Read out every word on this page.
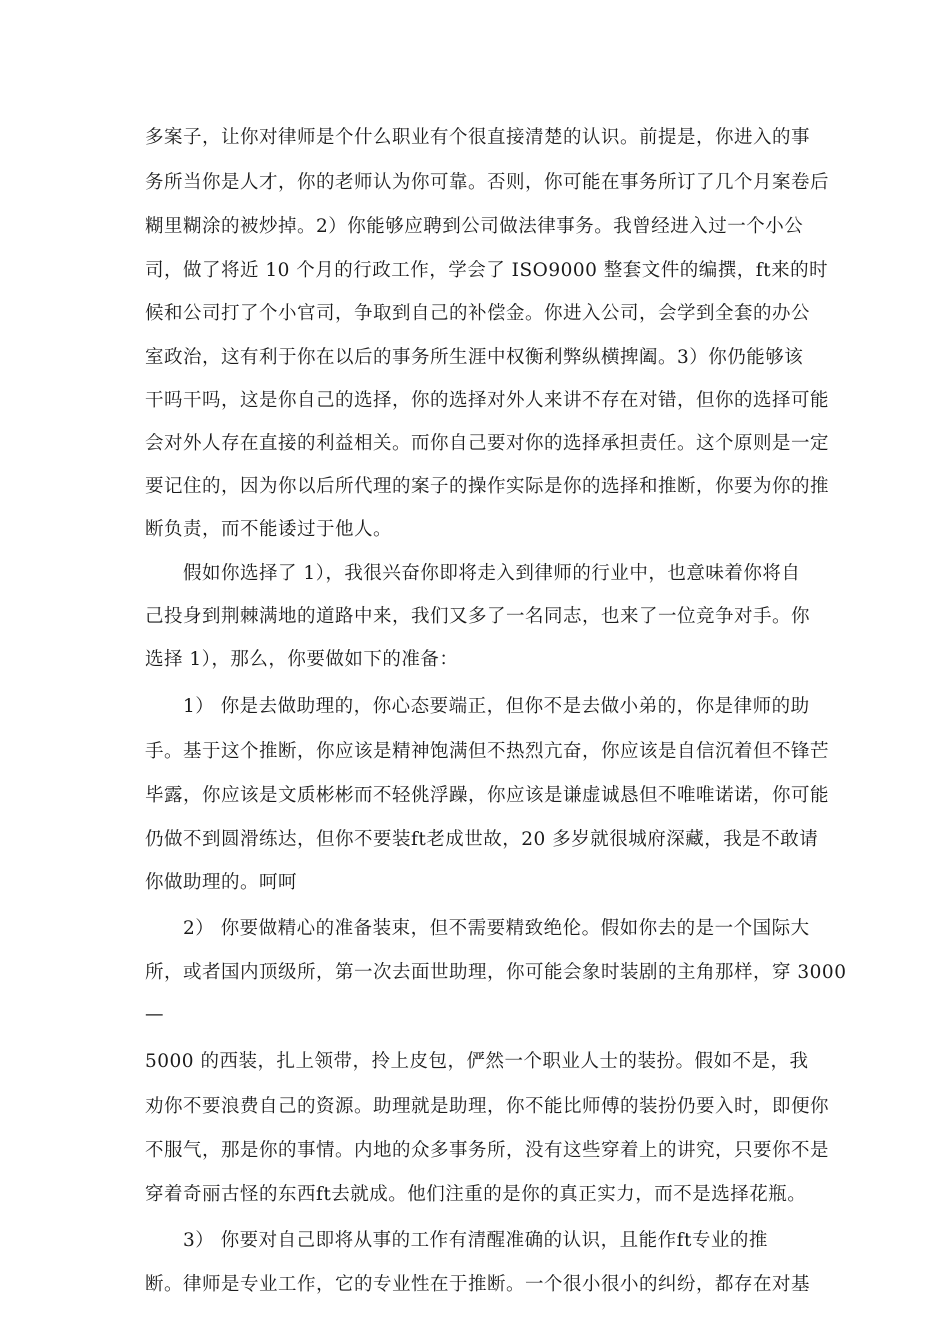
多案子，让你对律师是个什么职业有个很直接清楚的认识。前提是，你进入的事
务所当你是人才，你的老师认为你可靠。否则，你可能在事务所订了几个月案卷后
糊里糊涂的被炒掉。2）你能够应聘到公司做法律事务。我曾经进入过一个小公
司，做了将近 10 个月的行政工作，学会了 ISO9000 整套文件的编撰，ft来的时
候和公司打了个小官司，争取到自己的补偿金。你进入公司，会学到全套的办公
室政治，这有利于你在以后的事务所生涯中权衡利弊纵横捭阖。3）你仍能够该
干吗干吗，这是你自己的选择，你的选择对外人来讲不存在对错，但你的选择可能
会对外人存在直接的利益相关。而你自己要对你的选择承担责任。这个原则是一定
要记住的，因为你以后所代理的案子的操作实际是你的选择和推断，你要为你的推
断负责，而不能诿过于他人。
假如你选择了 1），我很兴奋你即将走入到律师的行业中，也意味着你将自
己投身到荆棘满地的道路中来，我们又多了一名同志，也来了一位竞争对手。你
选择 1），那么，你要做如下的准备：
1） 你是去做助理的，你心态要端正，但你不是去做小弟的，你是律师的助
手。基于这个推断，你应该是精神饱满但不热烈亢奋，你应该是自信沉着但不锋芒
毕露，你应该是文质彬彬而不轻佻浮躁，你应该是谦虚诚恳但不唯唯诺诺，你可能
仍做不到圆滑练达，但你不要装ft老成世故，20 多岁就很城府深藏，我是不敢请
你做助理的。呵呵
2） 你要做精心的准备装束，但不需要精致绝伦。假如你去的是一个国际大
所，或者国内顶级所，第一次去面世助理，你可能会象时装剧的主角那样，穿 3000
—
5000 的西装，扎上领带，拎上皮包，俨然一个职业人士的装扮。假如不是，我
劝你不要浪费自己的资源。助理就是助理，你不能比师傅的装扮仍要入时，即便你
不服气，那是你的事情。内地的众多事务所，没有这些穿着上的讲究，只要你不是
穿着奇丽古怪的东西ft去就成。他们注重的是你的真正实力，而不是选择花瓶。
3） 你要对自己即将从事的工作有清醒准确的认识，且能作ft专业的推
断。律师是专业工作，它的专业性在于推断。一个很小很小的纠纷，都存在对基
